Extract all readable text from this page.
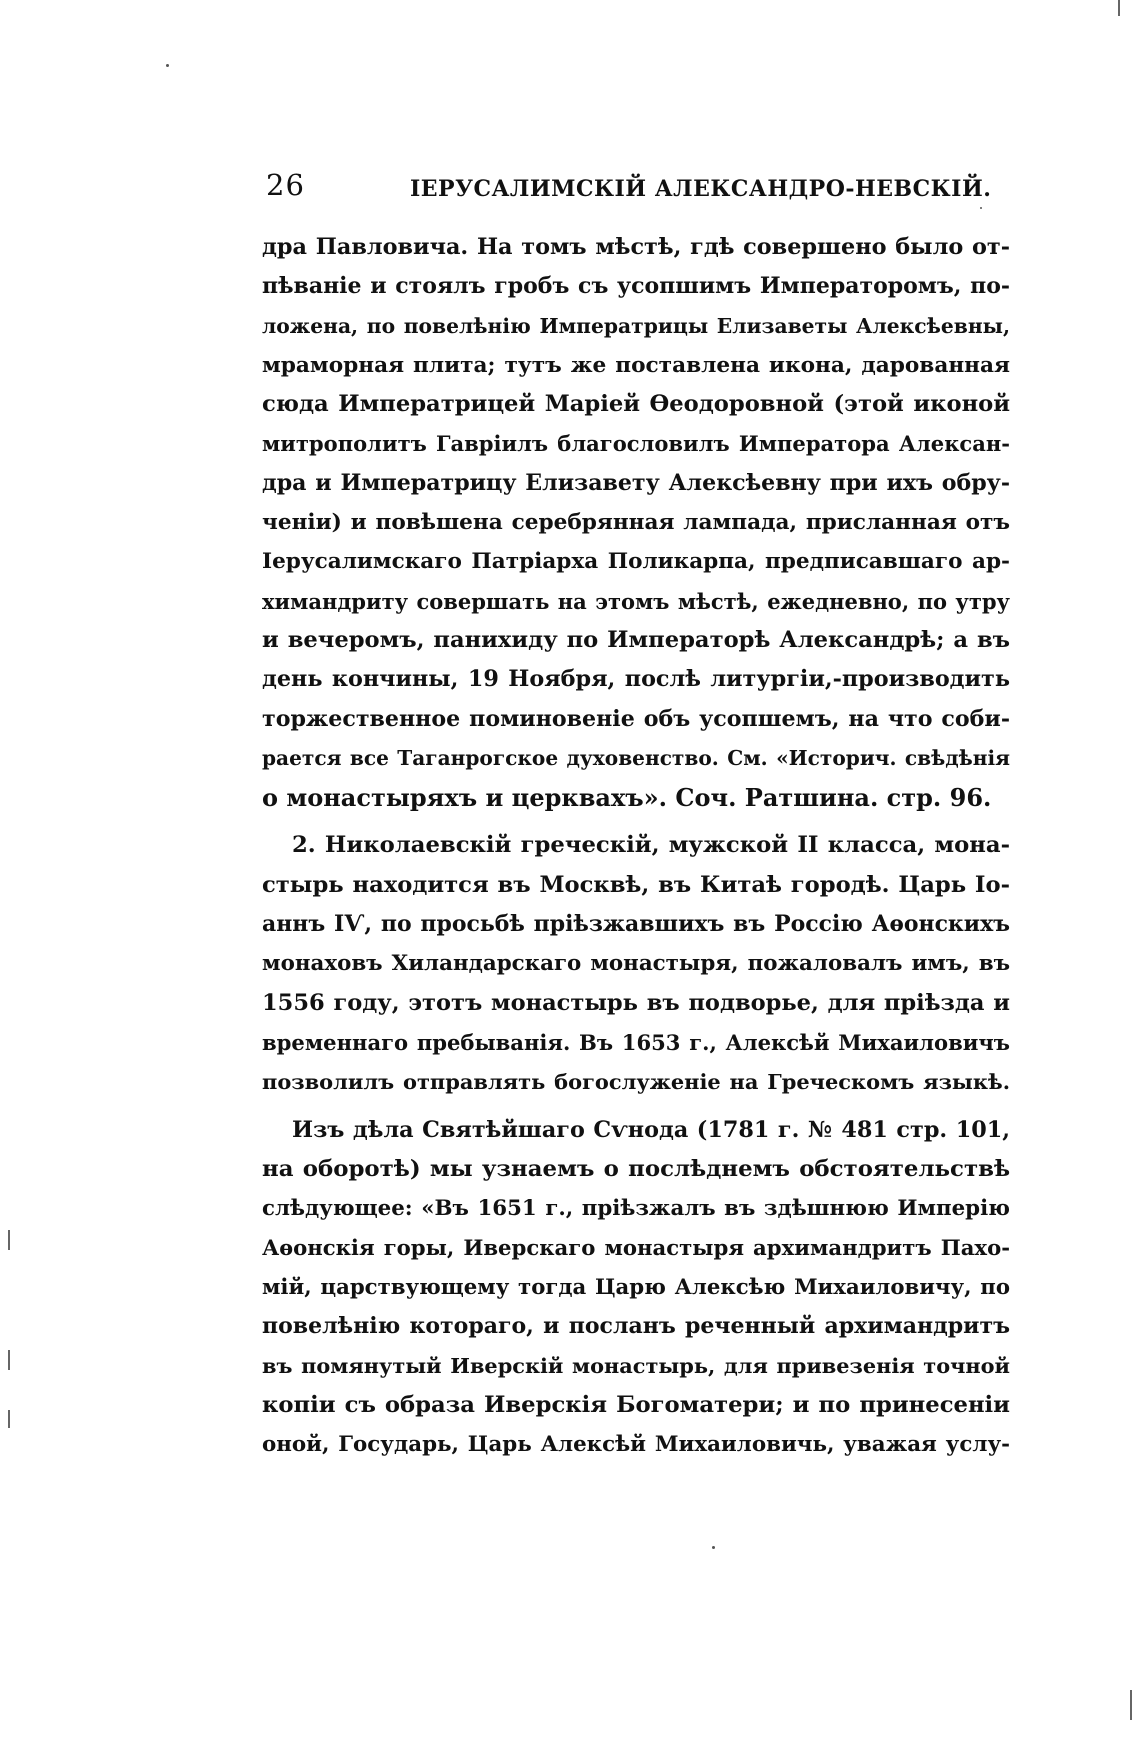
26	ІЕРУСАЛИМСКІЙ АЛЕКСАНДРО-НЕВСКІЙ.
дра Павловича. На томъ мѣстѣ, гдѣ совершено было от-
пѣваніе и стоялъ гробъ съ усопшимъ Императоромъ, по-
ложена, по повелѣнію Императрицы Елизаветы Алексѣевны,
мраморная плита; тутъ же поставлена икона, дарованная
сюда Императрицей Маріей Ѳеодоровной (этой иконой
митрополитъ Гавріилъ благословилъ Императора Алексан-
дра и Императрицу Елизавету Алексѣевну при ихъ обру-
ченіи) и повѣшена серебрянная лампада, присланная отъ
Іерусалимскаго Патріарха Поликарпа, предписавшаго ар-
химандриту совершать на этомъ мѣстѣ, ежедневно, по утру
и вечеромъ, панихиду по Императорѣ Александрѣ; а въ
день кончины, 19 Ноября, послѣ литургіи,-производить
торжественное поминовеніе объ усопшемъ, на что соби-
рается все Таганрогское духовенство. См. «Историч. свѣдѣнія
о монастыряхъ и церквахъ». Соч. Ратшина. стр. 96.
2. Николаевскій греческій, мужской II класса, мона-
стырь находится въ Москвѣ, въ Китаѣ городѣ. Царь Іо-
аннъ IѴ, по просьбѣ пріѣзжавшихъ въ Россію Аѳонскихъ
монаховъ Хиландарскаго монастыря, пожаловалъ имъ, въ
1556 году, этотъ монастырь въ подворье, для пріѣзда и
временнаго пребыванія. Въ 1653 г., Алексѣй Михаиловичъ
позволилъ отправлять богослуженіе на Греческомъ языкѣ.
Изъ дѣла Святѣйшаго Сѵнода (1781 г. № 481 стр. 101,
на оборотѣ) мы узнаемъ о послѣднемъ обстоятельствѣ
слѣдующее: «Въ 1651 г., пріѣзжалъ въ здѣшнюю Имперію
Аѳонскія горы, Иверскаго монастыря архимандритъ Пахо-
мій, царствующему тогда Царю Алексѣю Михаиловичу, по
повелѣнію котораго, и посланъ реченный архимандритъ
въ помянутый Иверскій монастырь, для привезенія точной
копіи съ образа Иверскія Богоматери; и по принесеніи
оной, Государь, Царь Алексѣй Михаиловичь, уважая услу-
